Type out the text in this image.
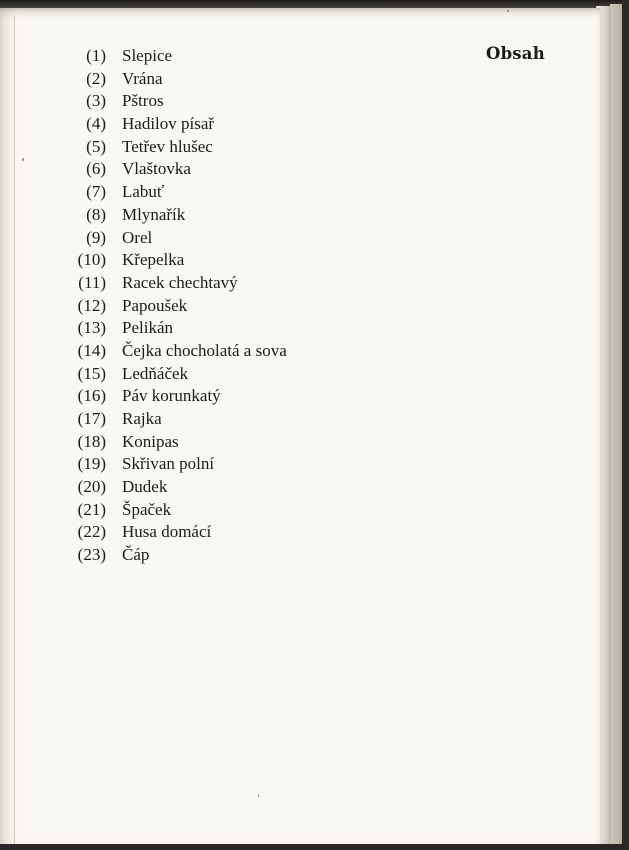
Obsah
(1) Slepice
(2) Vrána
(3) Pštros
(4) Hadilov písař
(5) Tetřev hlušec
(6) Vlaštovka
(7) Labuť
(8) Mlynařík
(9) Orel
(10) Křepelka
(11) Racek chechtavý
(12) Papoušek
(13) Pelikán
(14) Čejka chocholatá a sova
(15) Ledňáček
(16) Páv korunkatý
(17) Rajka
(18) Konipas
(19) Skřivan polní
(20) Dudek
(21) Špaček
(22) Husa domácí
(23) Čáp
